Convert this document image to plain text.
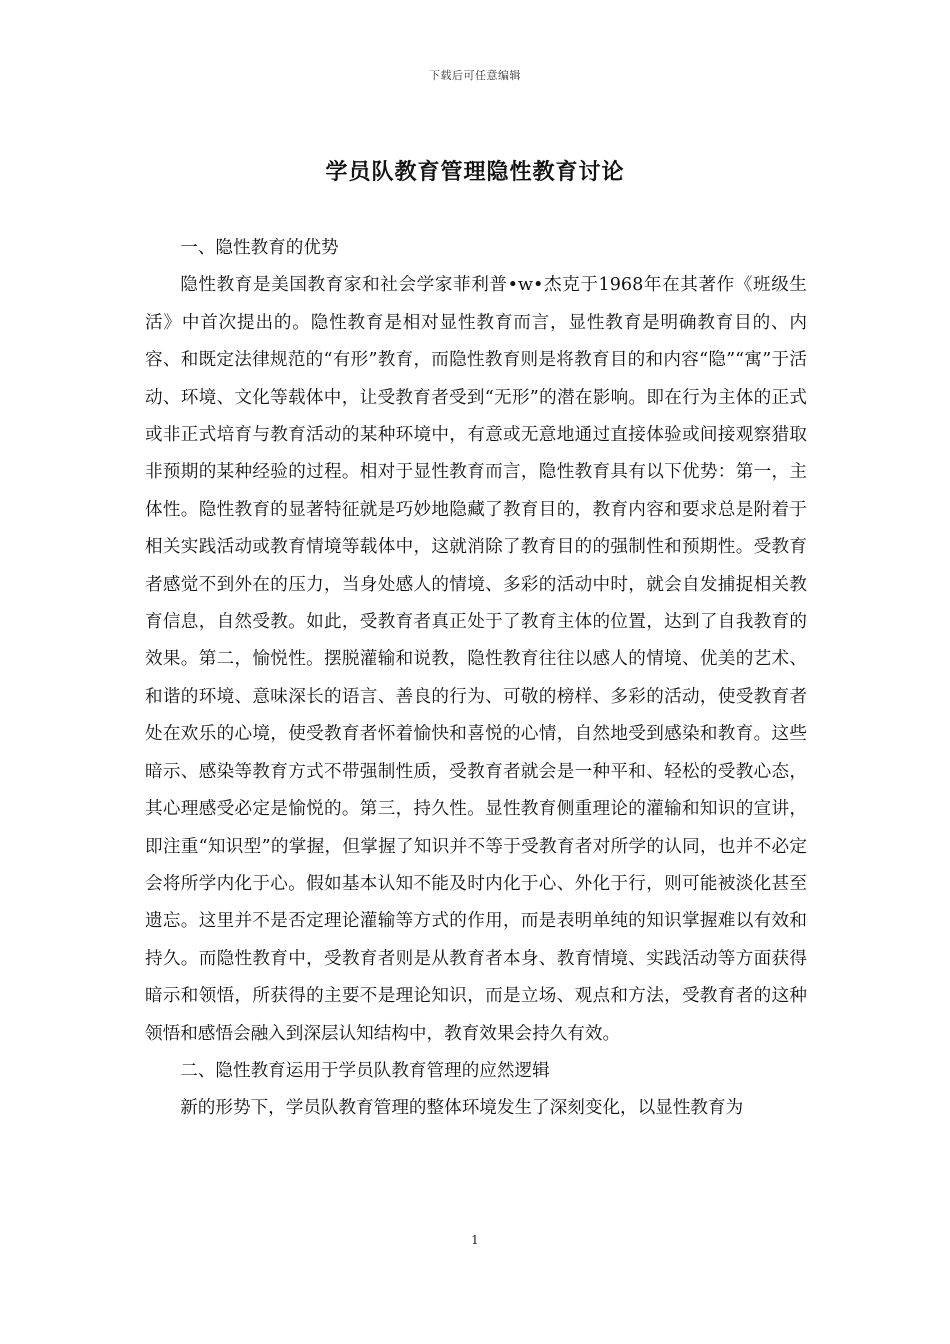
下载后可任意编辑
学员队教育管理隐性教育讨论

一、隐性教育的优势

隐性教育是美国教育家和社会学家菲利普•w•杰克于1968年在其著作《班级生活》中首次提出的。隐性教育是相对显性教育而言，显性教育是明确教育目的、内容、和既定法律规范的“有形”教育，而隐性教育则是将教育目的和内容“隐”“寓”于活动、环境、文化等载体中，让受教育者受到“无形”的潜在影响。即在行为主体的正式或非正式培育与教育活动的某种环境中，有意或无意地通过直接体验或间接观察猎取非预期的某种经验的过程。相对于显性教育而言，隐性教育具有以下优势：第一，主体性。隐性教育的显著特征就是巧妙地隐藏了教育目的，教育内容和要求总是附着于相关实践活动或教育情境等载体中，这就消除了教育目的的强制性和预期性。受教育者感觉不到外在的压力，当身处感人的情境、多彩的活动中时，就会自发捕捉相关教育信息，自然受教。如此，受教育者真正处于了教育主体的位置，达到了自我教育的效果。第二，愉悦性。摆脱灌输和说教，隐性教育往往以感人的情境、优美的艺术、和谐的环境、意味深长的语言、善良的行为、可敬的榜样、多彩的活动，使受教育者处在欢乐的心境，使受教育者怀着愉快和喜悦的心情，自然地受到感染和教育。这些暗示、感染等教育方式不带强制性质，受教育者就会是一种平和、轻松的受教心态，其心理感受必定是愉悦的。第三，持久性。显性教育侧重理论的灌输和知识的宣讲，即注重“知识型”的掌握，但掌握了知识并不等于受教育者对所学的认同，也并不必定会将所学内化于心。假如基本认知不能及时内化于心、外化于行，则可能被淡化甚至遗忘。这里并不是否定理论灌输等方式的作用，而是表明单纯的知识掌握难以有效和持久。而隐性教育中，受教育者则是从教育者本身、教育情境、实践活动等方面获得暗示和领悟，所获得的主要不是理论知识，而是立场、观点和方法，受教育者的这种领悟和感悟会融入到深层认知结构中，教育效果会持久有效。

二、隐性教育运用于学员队教育管理的应然逻辑

新的形势下，学员队教育管理的整体环境发生了深刻变化，以显性教育为

1
